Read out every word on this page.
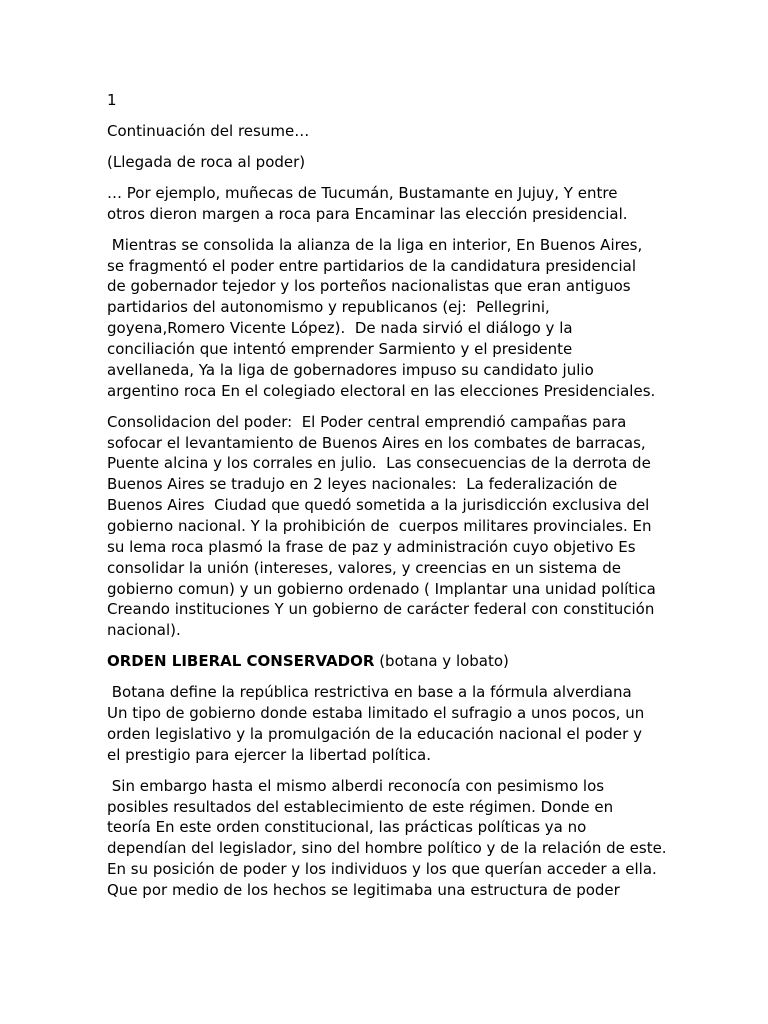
1
Continuación del resume…
(Llegada de roca al poder)
… Por ejemplo, muñecas de Tucumán, Bustamante en Jujuy, Y entre
otros dieron margen a roca para Encaminar las elección presidencial.
Mientras se consolida la alianza de la liga en interior, En Buenos Aires,
se fragmentó el poder entre partidarios de la candidatura presidencial
de gobernador tejedor y los porteños nacionalistas que eran antiguos
partidarios del autonomismo y republicanos (ej:  Pellegrini,
goyena,Romero Vicente López).  De nada sirvió el diálogo y la
conciliación que intentó emprender Sarmiento y el presidente
avellaneda, Ya la liga de gobernadores impuso su candidato julio
argentino roca En el colegiado electoral en las elecciones Presidenciales.
Consolidacion del poder:  El Poder central emprendió campañas para
sofocar el levantamiento de Buenos Aires en los combates de barracas,
Puente alcina y los corrales en julio.  Las consecuencias de la derrota de
Buenos Aires se tradujo en 2 leyes nacionales:  La federalización de
Buenos Aires  Ciudad que quedó sometida a la jurisdicción exclusiva del
gobierno nacional. Y la prohibición de  cuerpos militares provinciales. En
su lema roca plasmó la frase de paz y administración cuyo objetivo Es
consolidar la unión (intereses, valores, y creencias en un sistema de
gobierno comun) y un gobierno ordenado ( Implantar una unidad política
Creando instituciones Y un gobierno de carácter federal con constitución
nacional).
ORDEN LIBERAL CONSERVADOR (botana y lobato)
Botana define la república restrictiva en base a la fórmula alverdiana
Un tipo de gobierno donde estaba limitado el sufragio a unos pocos, un
orden legislativo y la promulgación de la educación nacional el poder y
el prestigio para ejercer la libertad política.
Sin embargo hasta el mismo alberdi reconocía con pesimismo los
posibles resultados del establecimiento de este régimen. Donde en
teoría En este orden constitucional, las prácticas políticas ya no
dependían del legislador, sino del hombre político y de la relación de este.
En su posición de poder y los individuos y los que querían acceder a ella.
Que por medio de los hechos se legitimaba una estructura de poder
